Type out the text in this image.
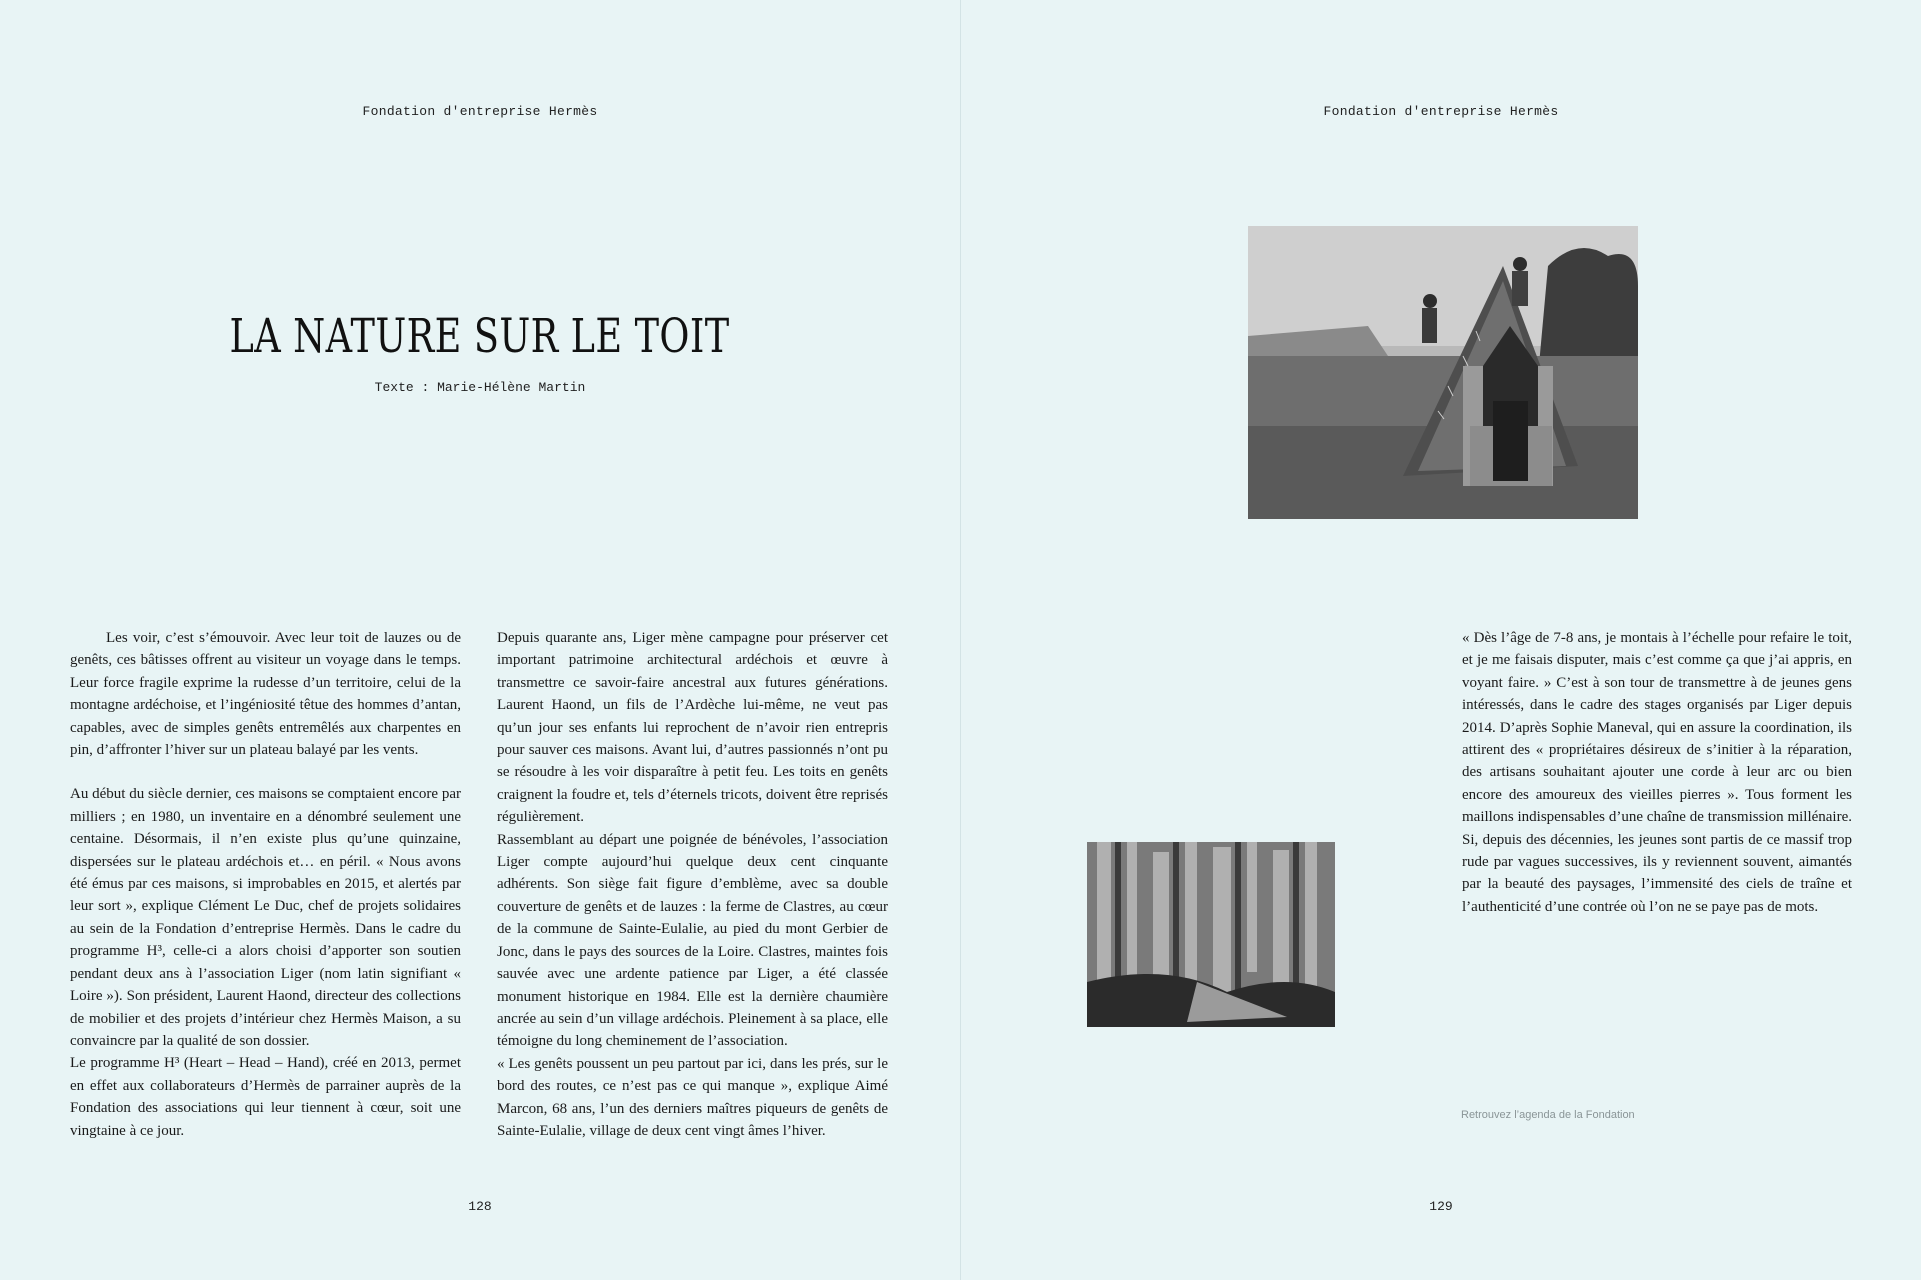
Fondation d'entreprise Hermès
LA NATURE SUR LE TOIT
Texte : Marie-Hélène Martin

Les voir, c’est s’émouvoir. Avec leur toit de lauzes ou de genêts, ces bâtisses offrent au visiteur un voyage dans le temps. Leur force fragile exprime la rudesse d’un territoire, celui de la montagne ardéchoise, et l’ingéniosité têtue des hommes d’antan, capables, avec de simples genêts entremêlés aux charpentes en pin, d’affronter l’hiver sur un plateau balayé par les vents.

Au début du siècle dernier, ces maisons se comptaient encore par milliers ; en 1980, un inventaire en a dénombré seulement une centaine. Désormais, il n’en existe plus qu’une quinzaine, dispersées sur le plateau ardéchois et… en péril. « Nous avons été émus par ces maisons, si improbables en 2015, et alertés par leur sort », explique Clément Le Duc, chef de projets solidaires au sein de la Fondation d’entreprise Hermès. Dans le cadre du programme H³, celle-ci a alors choisi d’apporter son soutien pendant deux ans à l’association Liger (nom latin signifiant « Loire »). Son président, Laurent Haond, directeur des collections de mobilier et des projets d’intérieur chez Hermès Maison, a su convaincre par la qualité de son dossier.

Le programme H³ (Heart – Head – Hand), créé en 2013, permet en effet aux collaborateurs d’Hermès de parrainer auprès de la Fondation des associations qui leur tiennent à cœur, soit une vingtaine à ce jour.

Depuis quarante ans, Liger mène campagne pour préserver cet important patrimoine architectural ardéchois et œuvre à transmettre ce savoir-faire ancestral aux futures générations. Laurent Haond, un fils de l’Ardèche lui-même, ne veut pas qu’un jour ses enfants lui reprochent de n’avoir rien entrepris pour sauver ces maisons. Avant lui, d’autres passionnés n’ont pu se résoudre à les voir disparaître à petit feu. Les toits en genêts craignent la foudre et, tels d’éternels tricots, doivent être reprisés régulièrement.

Rassemblant au départ une poignée de bénévoles, l’association Liger compte aujourd’hui quelque deux cent cinquante adhérents. Son siège fait figure d’emblème, avec sa double couverture de genêts et de lauzes : la ferme de Clastres, au cœur de la commune de Sainte-Eulalie, au pied du mont Gerbier de Jonc, dans le pays des sources de la Loire. Clastres, maintes fois sauvée avec une ardente patience par Liger, a été classée monument historique en 1984. Elle est la dernière chaumière ancrée au sein d’un village ardéchois. Pleinement à sa place, elle témoigne du long cheminement de l’association.

« Les genêts poussent un peu partout par ici, dans les prés, sur le bord des routes, ce n’est pas ce qui manque », explique Aimé Marcon, 68 ans, l’un des derniers maîtres piqueurs de genêts de Sainte-Eulalie, village de deux cent vingt âmes l’hiver.

128
Fondation d'entreprise Hermès
129

« Dès l’âge de 7-8 ans, je montais à l’échelle pour refaire le toit, et je me faisais disputer, mais c’est comme ça que j’ai appris, en voyant faire. » C’est à son tour de transmettre à de jeunes gens intéressés, dans le cadre des stages organisés par Liger depuis 2014. D’après Sophie Maneval, qui en assure la coordination, ils attirent des « propriétaires désireux de s’initier à la réparation, des artisans souhaitant ajouter une corde à leur arc ou bien encore des amoureux des vieilles pierres ». Tous forment les maillons indispensables d’une chaîne de transmission millénaire. Si, depuis des décennies, les jeunes sont partis de ce massif trop rude par vagues successives, ils y reviennent souvent, aimantés par la beauté des paysages, l’immensité des ciels de traîne et l’authenticité d’une contrée où l’on ne se paye pas de mots.

Retrouvez l’agenda de la Fondation
